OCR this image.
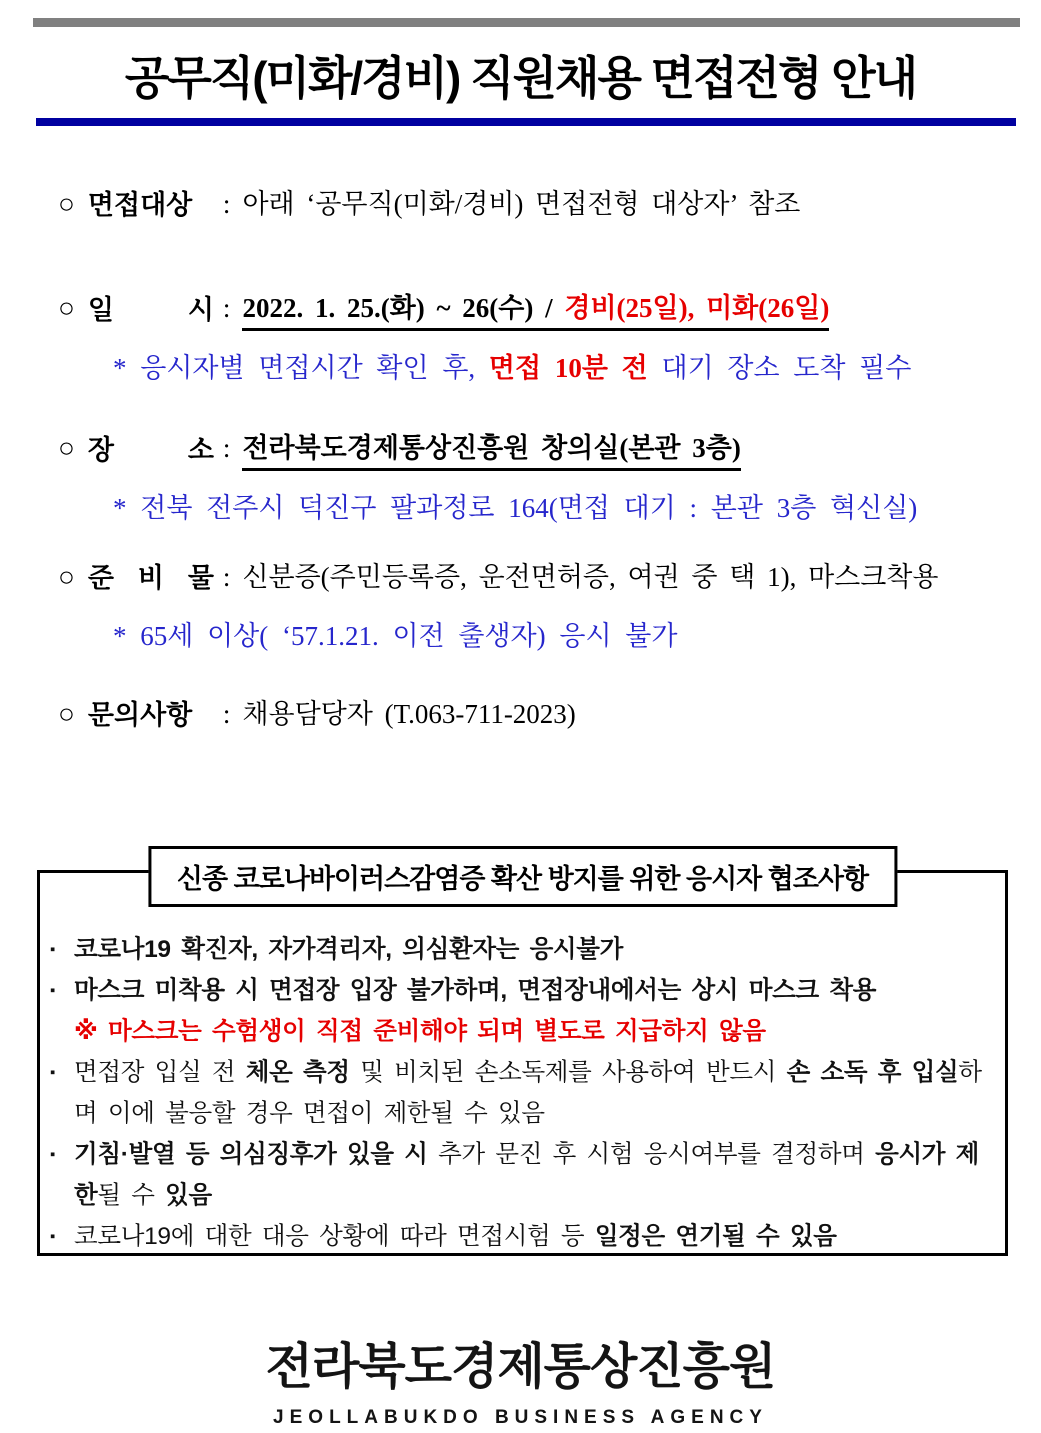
공무직(미화/경비) 직원채용 면접전형 안내
○ 면접대상 : 아래 ‘공무직(미화/경비) 면접전형 대상자’ 참조
○ 일 시 : 2022. 1. 25.(화) ~ 26(수) / 경비(25일), 미화(26일)
* 응시자별 면접시간 확인 후, 면접 10분 전 대기 장소 도착 필수
○ 장 소 : 전라북도경제통상진흥원 창의실(본관 3층)
* 전북 전주시 덕진구 팔과정로 164(면접 대기 : 본관 3층 혁신실)
○ 준 비 물 : 신분증(주민등록증, 운전면허증, 여권 중 택 1), 마스크착용
* 65세 이상( ‘57.1.21. 이전 출생자) 응시 불가
○ 문의사항 : 채용담당자 (T.063-711-2023)
신종 코로나바이러스감염증 확산 방지를 위한 응시자 협조사항
▪ 코로나19 확진자, 자가격리자, 의심환자는 응시불가
▪ 마스크 미착용 시 면접장 입장 불가하며, 면접장내에서는 상시 마스크 착용
※ 마스크는 수험생이 직접 준비해야 되며 별도로 지급하지 않음
▪ 면접장 입실 전 체온 측정 및 비치된 손소독제를 사용하여 반드시 손 소독 후 입실하며 이에 불응할 경우 면접이 제한될 수 있음
▪ 기침·발열 등 의심징후가 있을 시 추가 문진 후 시험 응시여부를 결정하며 응시가 제한될 수 있음
▪ 코로나19에 대한 대응 상황에 따라 면접시험 등 일정은 연기될 수 있음
전라북도경제통상진흥원
JEOLLABUKDO BUSINESS AGENCY
